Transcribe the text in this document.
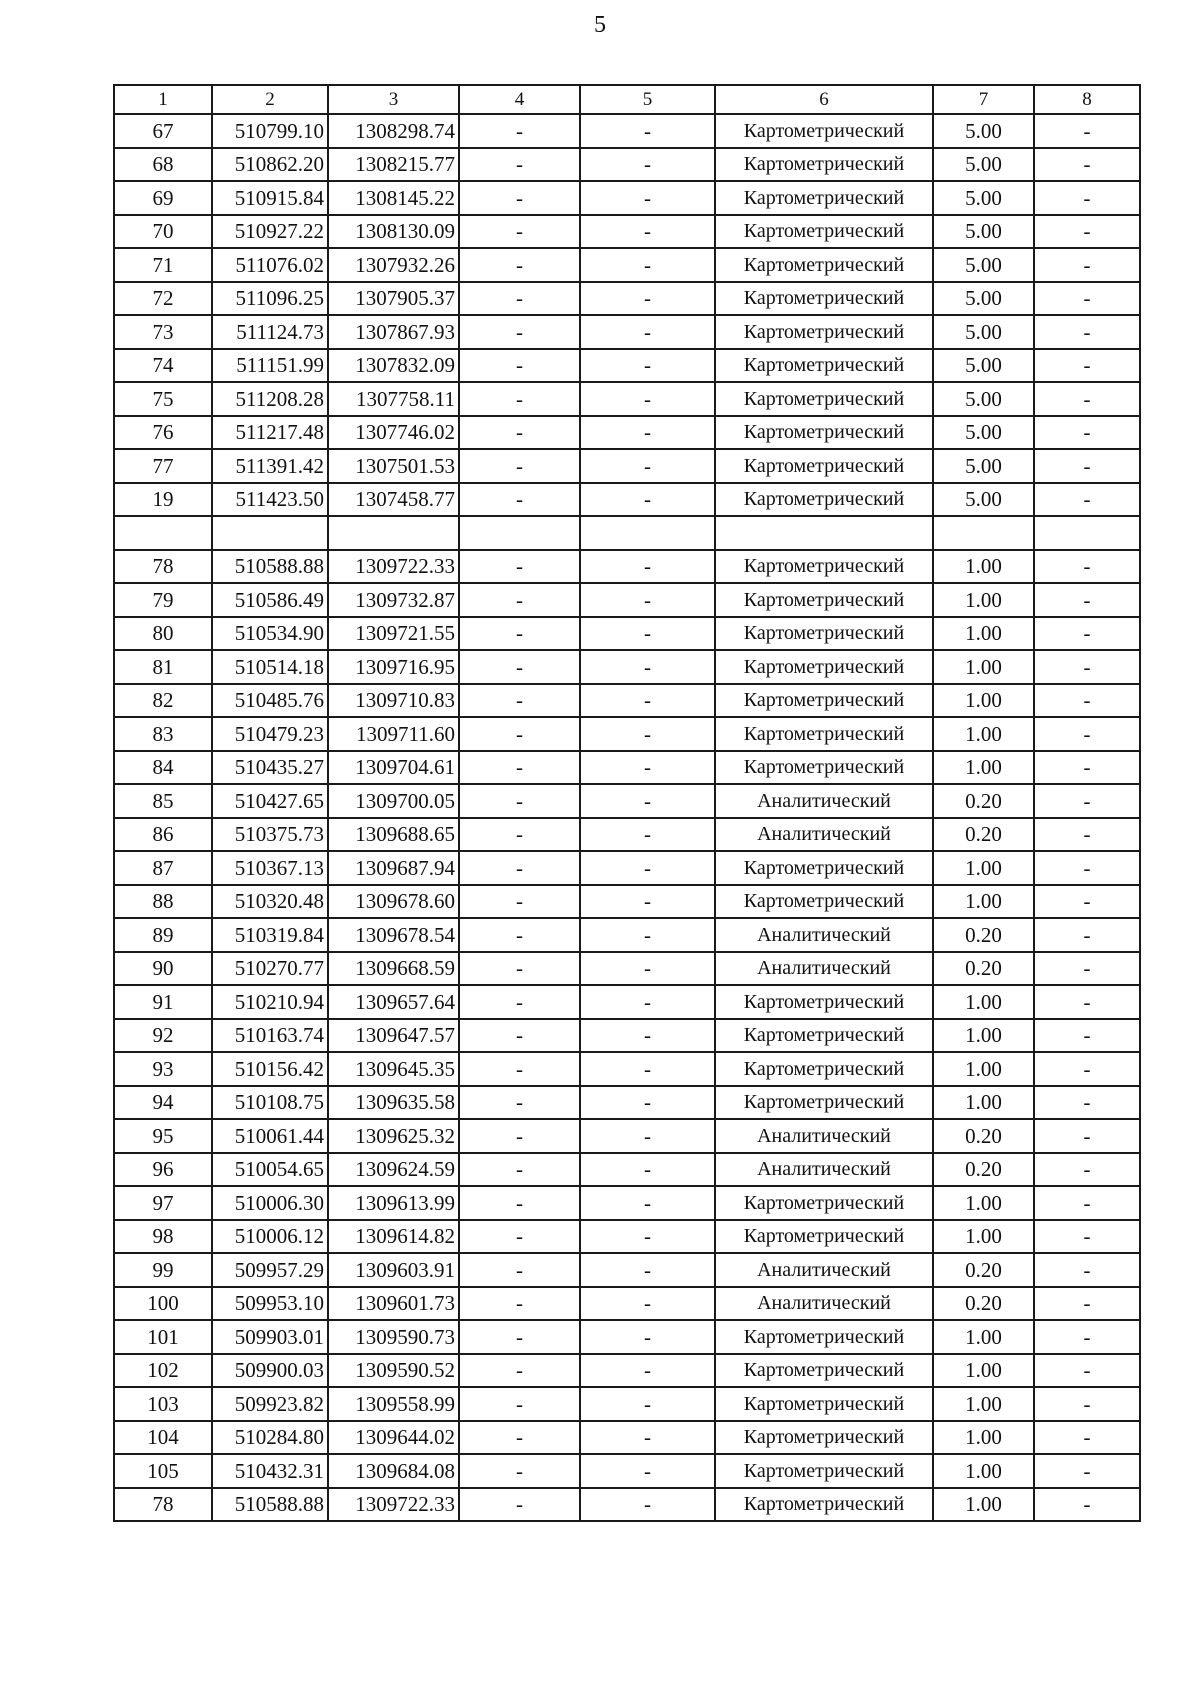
5
1	2	3	4	5	6	7	8
67	510799.10	1308298.74	-	-	Картометрический	5.00	-
68	510862.20	1308215.77	-	-	Картометрический	5.00	-
69	510915.84	1308145.22	-	-	Картометрический	5.00	-
70	510927.22	1308130.09	-	-	Картометрический	5.00	-
71	511076.02	1307932.26	-	-	Картометрический	5.00	-
72	511096.25	1307905.37	-	-	Картометрический	5.00	-
73	511124.73	1307867.93	-	-	Картометрический	5.00	-
74	511151.99	1307832.09	-	-	Картометрический	5.00	-
75	511208.28	1307758.11	-	-	Картометрический	5.00	-
76	511217.48	1307746.02	-	-	Картометрический	5.00	-
77	511391.42	1307501.53	-	-	Картометрический	5.00	-
19	511423.50	1307458.77	-	-	Картометрический	5.00	-

78	510588.88	1309722.33	-	-	Картометрический	1.00	-
79	510586.49	1309732.87	-	-	Картометрический	1.00	-
80	510534.90	1309721.55	-	-	Картометрический	1.00	-
81	510514.18	1309716.95	-	-	Картометрический	1.00	-
82	510485.76	1309710.83	-	-	Картометрический	1.00	-
83	510479.23	1309711.60	-	-	Картометрический	1.00	-
84	510435.27	1309704.61	-	-	Картометрический	1.00	-
85	510427.65	1309700.05	-	-	Аналитический	0.20	-
86	510375.73	1309688.65	-	-	Аналитический	0.20	-
87	510367.13	1309687.94	-	-	Картометрический	1.00	-
88	510320.48	1309678.60	-	-	Картометрический	1.00	-
89	510319.84	1309678.54	-	-	Аналитический	0.20	-
90	510270.77	1309668.59	-	-	Аналитический	0.20	-
91	510210.94	1309657.64	-	-	Картометрический	1.00	-
92	510163.74	1309647.57	-	-	Картометрический	1.00	-
93	510156.42	1309645.35	-	-	Картометрический	1.00	-
94	510108.75	1309635.58	-	-	Картометрический	1.00	-
95	510061.44	1309625.32	-	-	Аналитический	0.20	-
96	510054.65	1309624.59	-	-	Аналитический	0.20	-
97	510006.30	1309613.99	-	-	Картометрический	1.00	-
98	510006.12	1309614.82	-	-	Картометрический	1.00	-
99	509957.29	1309603.91	-	-	Аналитический	0.20	-
100	509953.10	1309601.73	-	-	Аналитический	0.20	-
101	509903.01	1309590.73	-	-	Картометрический	1.00	-
102	509900.03	1309590.52	-	-	Картометрический	1.00	-
103	509923.82	1309558.99	-	-	Картометрический	1.00	-
104	510284.80	1309644.02	-	-	Картометрический	1.00	-
105	510432.31	1309684.08	-	-	Картометрический	1.00	-
78	510588.88	1309722.33	-	-	Картометрический	1.00	-
